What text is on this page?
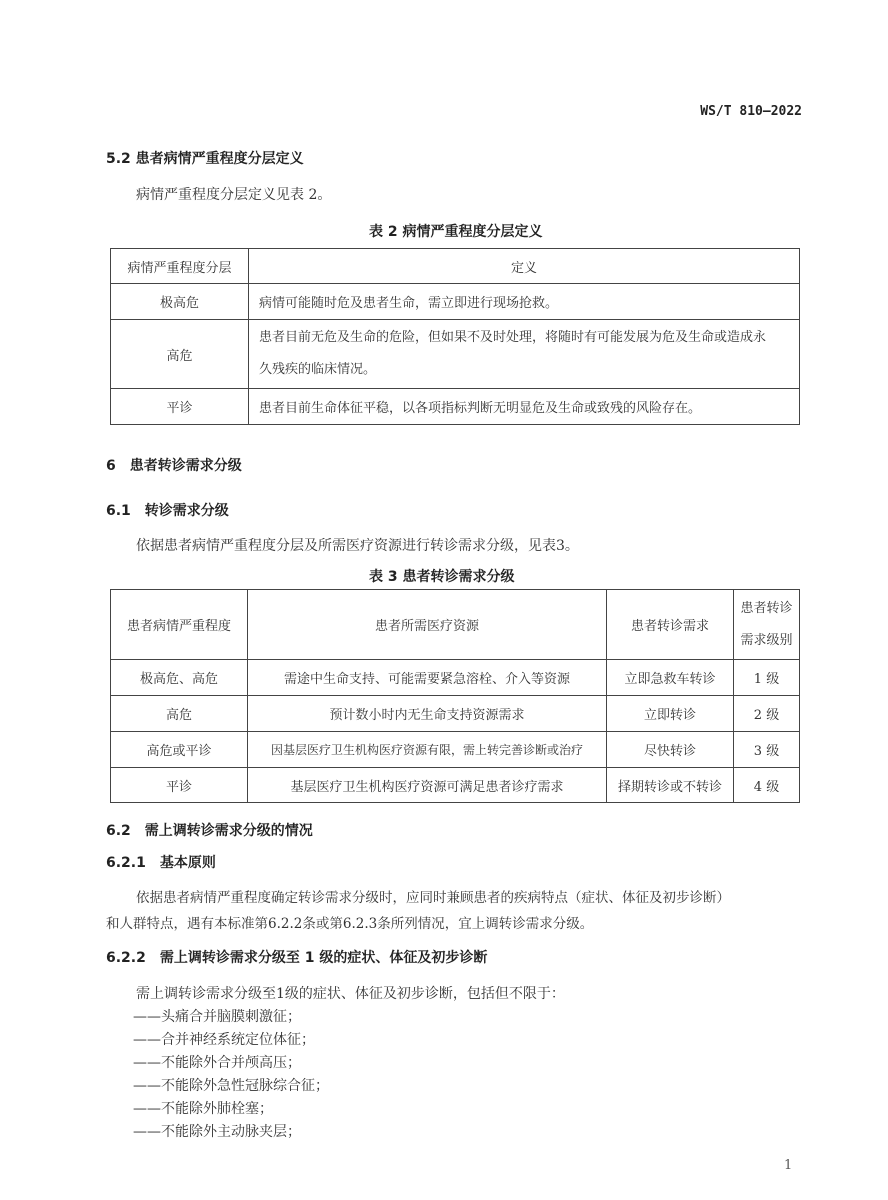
WS/T 810—2022
5.2 患者病情严重程度分层定义
病情严重程度分层定义见表 2。
表 2 病情严重程度分层定义
病情严重程度分层	定义
极高危	病情可能随时危及患者生命，需立即进行现场抢救。
高危	患者目前无危及生命的危险，但如果不及时处理，将随时有可能发展为危及生命或造成永
久残疾的临床情况。

平诊	患者目前生命体征平稳，以各项指标判断无明显危及生命或致残的风险存在。
6　患者转诊需求分级
6.1　转诊需求分级
依据患者病情严重程度分层及所需医疗资源进行转诊需求分级，见表3。
表 3 患者转诊需求分级
患者病情严重程度	患者所需医疗资源	患者转诊需求	患者转诊
需求级别

极高危、高危	需途中生命支持、可能需要紧急溶栓、介入等资源	立即急救车转诊	1 级
高危	预计数小时内无生命支持资源需求	立即转诊	2 级
高危或平诊	因基层医疗卫生机构医疗资源有限，需上转完善诊断或治疗	尽快转诊	3 级
平诊	基层医疗卫生机构医疗资源可满足患者诊疗需求	择期转诊或不转诊	4 级
6.2　需上调转诊需求分级的情况
6.2.1　基本原则
依据患者病情严重程度确定转诊需求分级时，应同时兼顾患者的疾病特点（症状、体征及初步诊断）
和人群特点，遇有本标准第6.2.2条或第6.2.3条所列情况，宜上调转诊需求分级。
6.2.2　需上调转诊需求分级至 1 级的症状、体征及初步诊断
需上调转诊需求分级至1级的症状、体征及初步诊断，包括但不限于：
——头痛合并脑膜刺激征；
——合并神经系统定位体征；
——不能除外合并颅高压；
——不能除外急性冠脉综合征；
——不能除外肺栓塞；
——不能除外主动脉夹层；
1
